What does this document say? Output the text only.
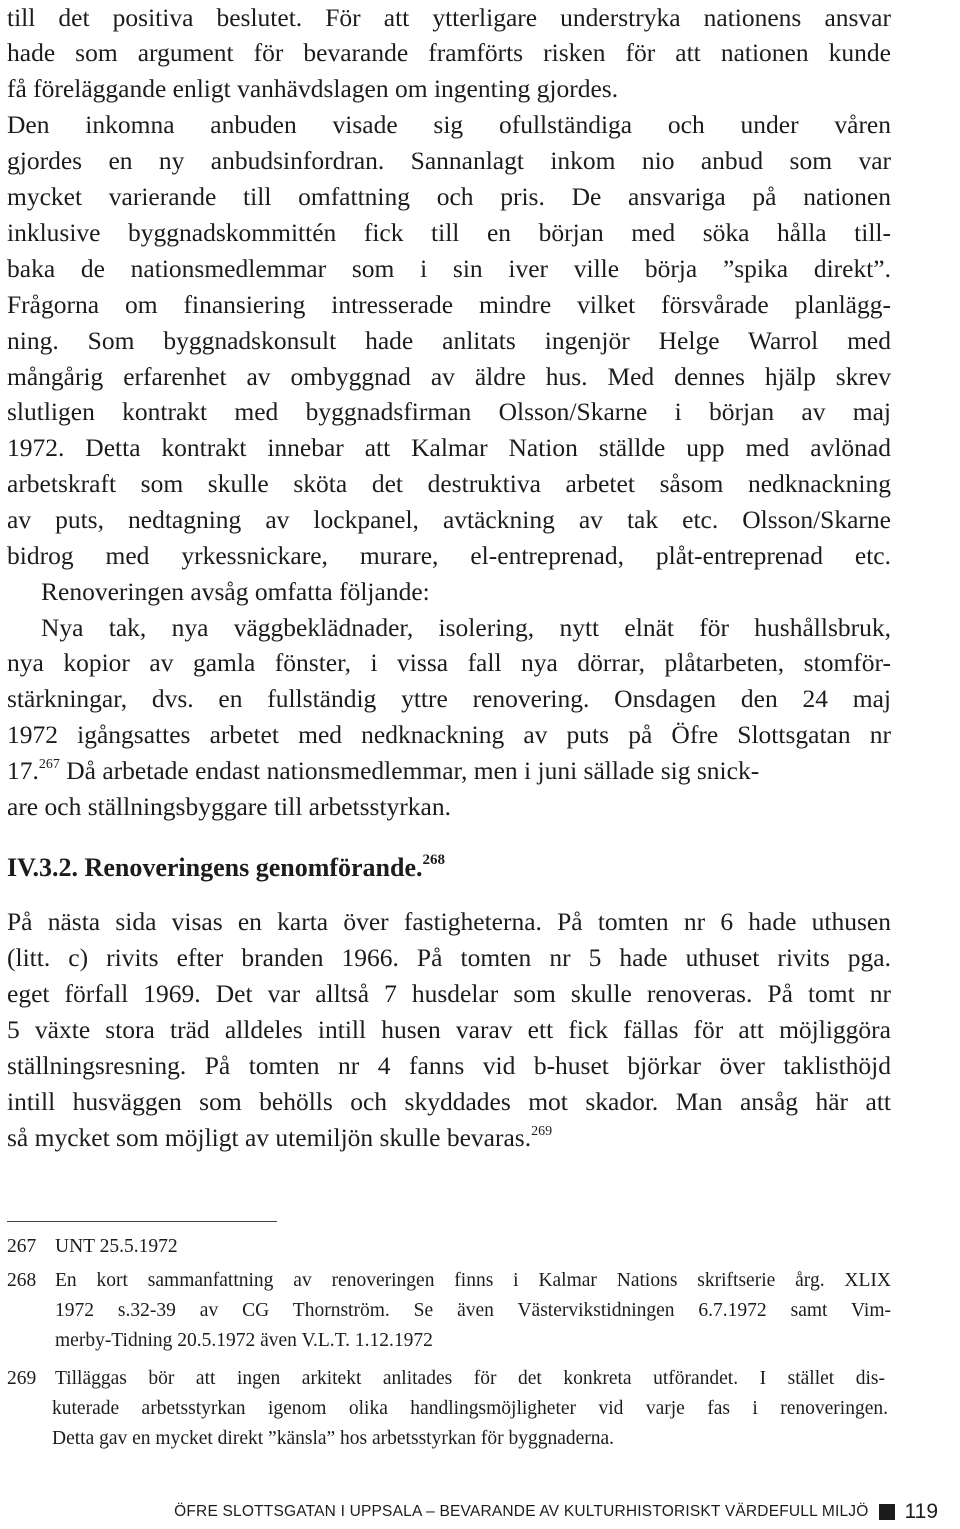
till det positiva beslutet. För att ytterligare understryka nationens ansvar

hade som argument för bevarande framförts risken för att nationen kunde

få föreläggande enligt vanhävdslagen om ingenting gjordes.

Den inkomna anbuden visade sig ofullständiga och under våren

gjordes en ny anbudsinfordran. Sannanlagt inkom nio anbud som var

mycket varierande till omfattning och pris. De ansvariga på nationen

inklusive byggnadskommittén fick till en början med söka hålla till-

baka de nationsmedlemmar som i sin iver ville börja ”spika direkt”.

Frågorna om finansiering intresserade mindre vilket försvårade planlägg-

ning. Som byggnadskonsult hade anlitats ingenjör Helge Warrol med

mångårig erfarenhet av ombyggnad av äldre hus. Med dennes hjälp skrev

slutligen kontrakt med byggnadsfirman Olsson/Skarne i början av maj

1972. Detta kontrakt innebar att Kalmar Nation ställde upp med avlönad

arbetskraft som skulle sköta det destruktiva arbetet såsom nedknackning

av puts, nedtagning av lockpanel, avtäckning av tak etc. Olsson/Skarne

bidrog med yrkessnickare, murare, el-entreprenad, plåt-entreprenad etc.

Renoveringen avsåg omfatta följande:

Nya tak, nya väggbeklädnader, isolering, nytt elnät för hushållsbruk,

nya kopior av gamla fönster, i vissa fall nya dörrar, plåtarbeten, stomför-

stärkningar, dvs. en fullständig yttre renovering. Onsdagen den 24 maj

1972 igångsattes arbetet med nedknackning av puts på Öfre Slottsgatan nr

17.$^{267}$ Då arbetade endast nationsmedlemmar, men i juni sällade sig snick-

are och ställningsbyggare till arbetsstyrkan.

IV.3.2. Renoveringens genomförande.$^{268}$

På nästa sida visas en karta över fastigheterna. På tomten nr 6 hade uthusen

(litt. c) rivits efter branden 1966. På tomten nr 5 hade uthuset rivits pga.

eget förfall 1969. Det var alltså 7 husdelar som skulle renoveras. På tomt nr

5 växte stora träd alldeles intill husen varav ett fick fällas för att möjliggöra

ställningsresning. På tomten nr 4 fanns vid b-huset björkar över taklisthöjd

intill husväggen som behölls och skyddades mot skador. Man ansåg här att

så mycket som möjligt av utemiljön skulle bevaras.$^{269}$

267 UNT 25.5.1972

268 En kort sammanfattning av renoveringen finns i Kalmar Nations skriftserie årg. XLIX

1972 s.32-39 av CG Thornström. Se även Västervikstidningen 6.7.1972 samt Vim-

merby-Tidning 20.5.1972 även V.L.T. 1.12.1972

269 Tilläggas bör att ingen arkitekt anlitades för det konkreta utförandet. I stället dis-

kuterade arbetsstyrkan igenom olika handlingsmöjligheter vid varje fas i renoveringen.

Detta gav en mycket direkt ”känsla” hos arbetsstyrkan för byggnaderna.

ÖFRE SLOTTSGATAN I UPPSALA – BEVARANDE AV KULTURHISTORISKT VÄRDEFULL MILJÖ 119
